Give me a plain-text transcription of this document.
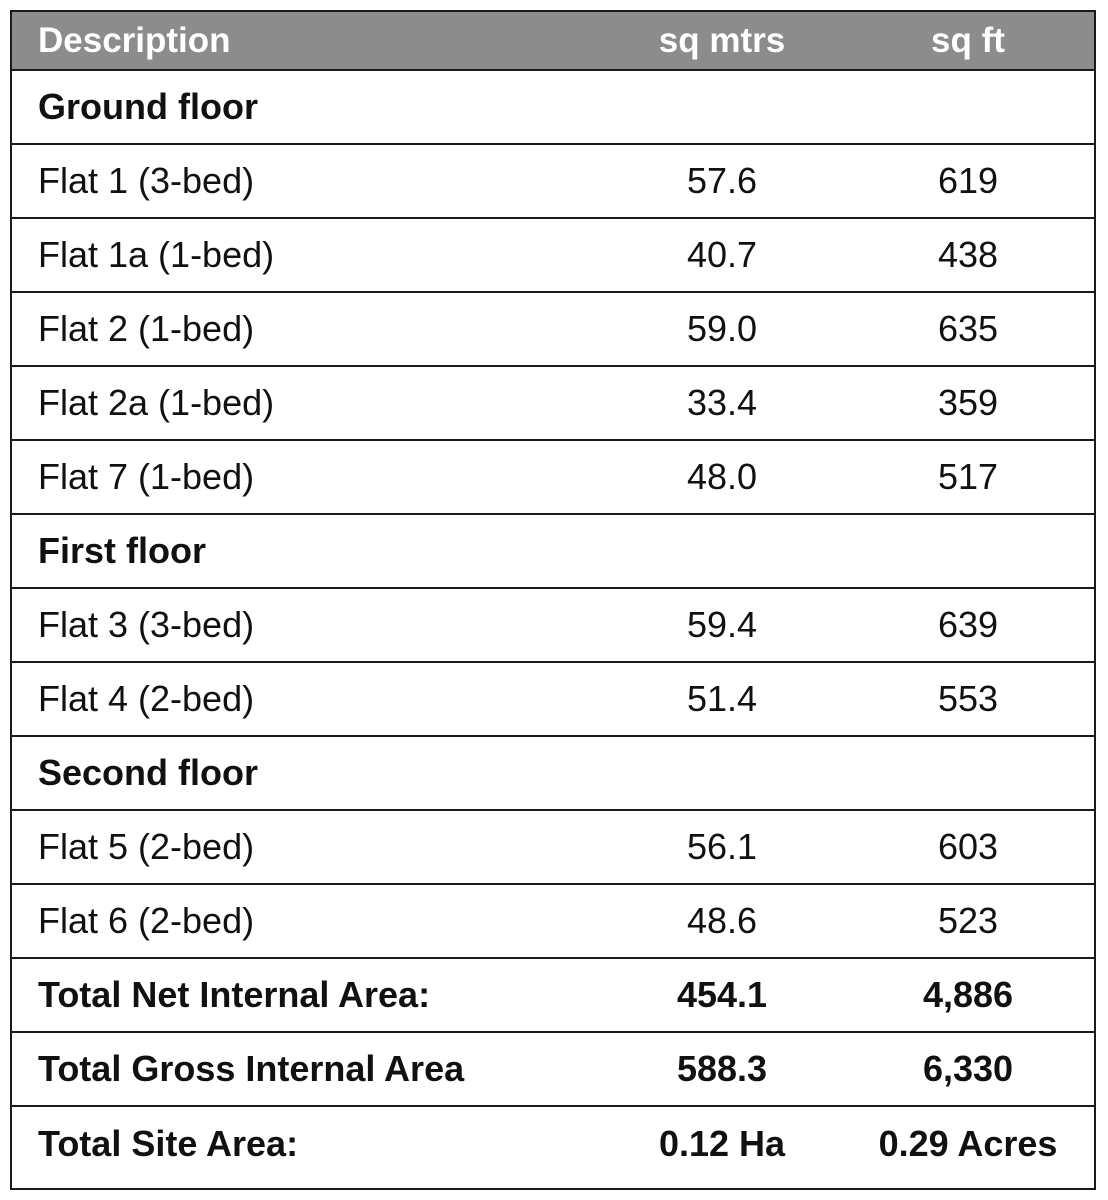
Description	sq mtrs	sq ft
Ground floor		
Flat 1 (3-bed)	57.6	619
Flat 1a (1-bed)	40.7	438
Flat 2 (1-bed)	59.0	635
Flat 2a (1-bed)	33.4	359
Flat 7 (1-bed)	48.0	517
First floor		
Flat 3 (3-bed)	59.4	639
Flat 4 (2-bed)	51.4	553
Second floor		
Flat 5 (2-bed)	56.1	603
Flat 6 (2-bed)	48.6	523
Total Net Internal Area:	454.1	4,886
Total Gross Internal Area	588.3	6,330
Total Site Area:	0.12 Ha	0.29 Acres
